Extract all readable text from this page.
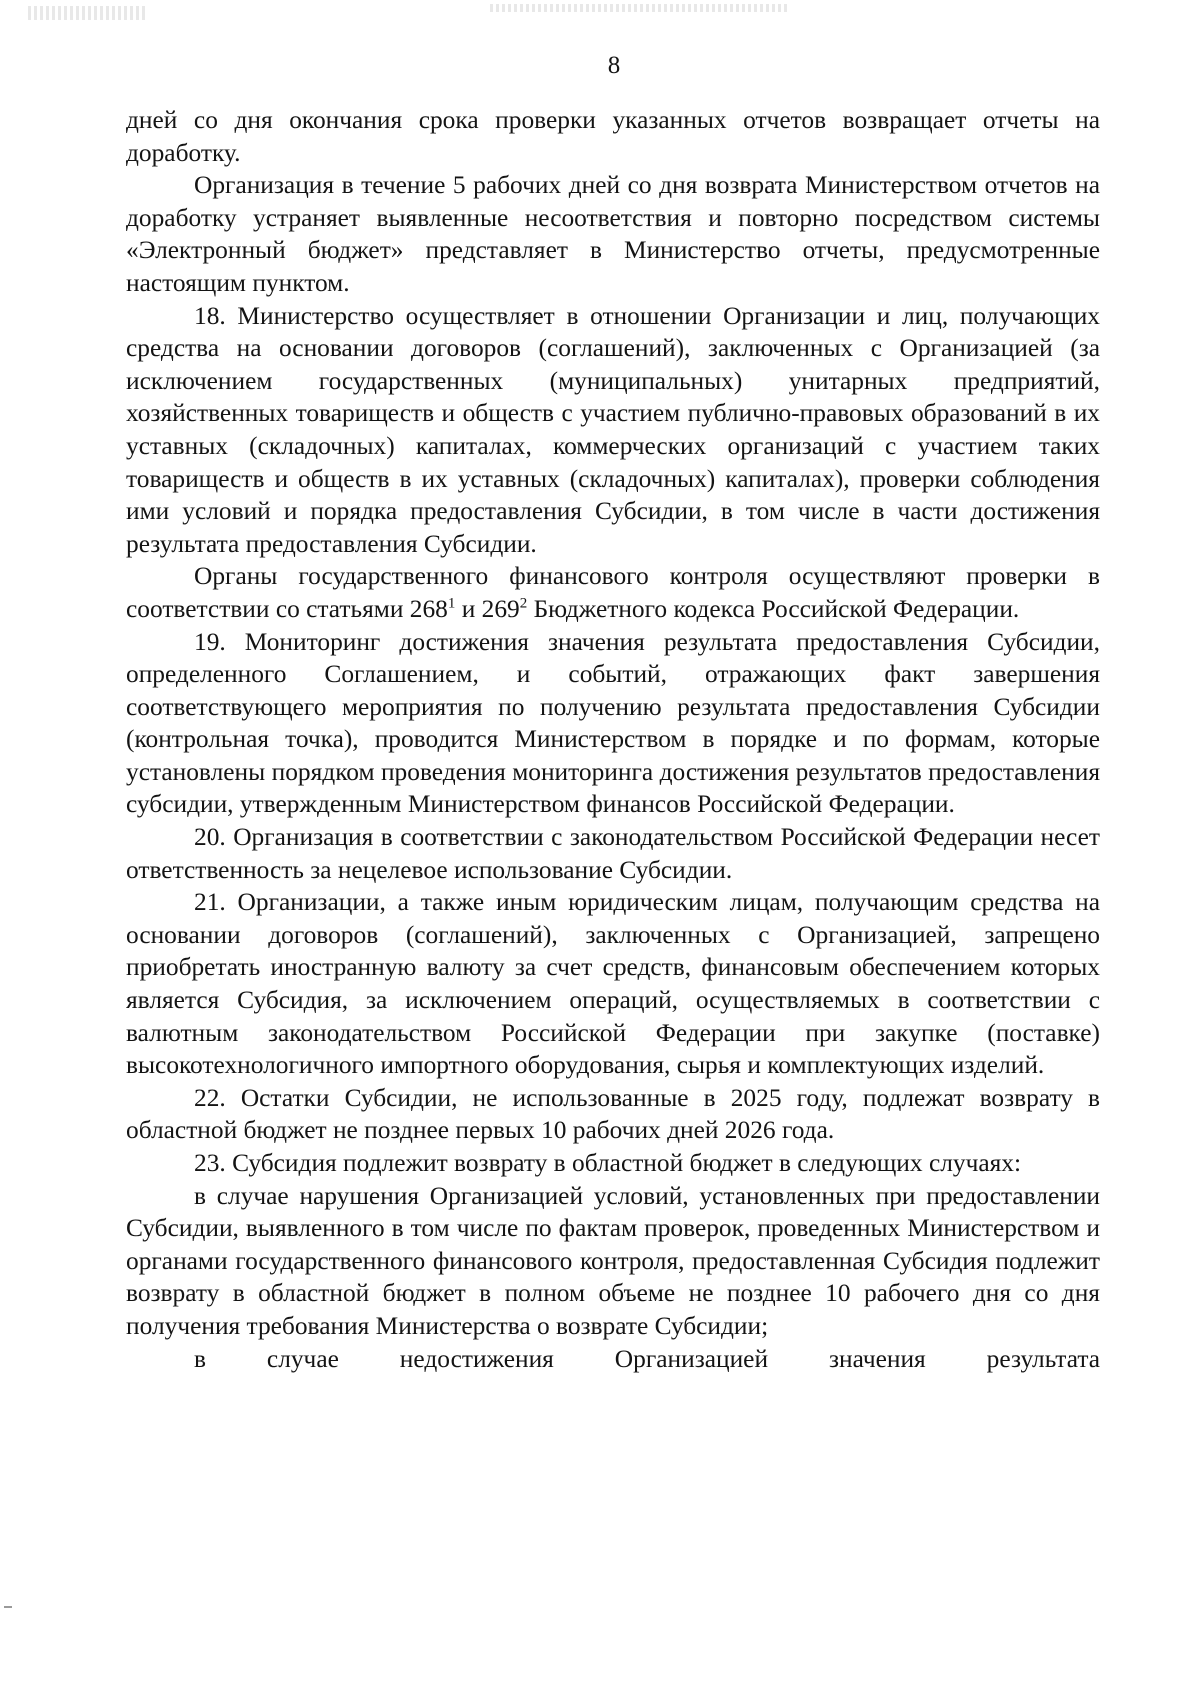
8

дней со дня окончания срока проверки указанных отчетов возвращает отчеты на доработку.

Организация в течение 5 рабочих дней со дня возврата Министерством отчетов на доработку устраняет выявленные несоответствия и повторно посредством системы «Электронный бюджет» представляет в Министерство отчеты, предусмотренные настоящим пунктом.

18. Министерство осуществляет в отношении Организации и лиц, получающих средства на основании договоров (соглашений), заключенных с Организацией (за исключением государственных (муниципальных) унитарных предприятий, хозяйственных товариществ и обществ с участием публично-правовых образований в их уставных (складочных) капиталах, коммерческих организаций с участием таких товариществ и обществ в их уставных (складочных) капиталах), проверки соблюдения ими условий и порядка предоставления Субсидии, в том числе в части достижения результата предоставления Субсидии.

Органы государственного финансового контроля осуществляют проверки в соответствии со статьями $268^1$ и $269^2$ Бюджетного кодекса Российской Федерации.

19. Мониторинг достижения значения результата предоставления Субсидии, определенного Соглашением, и событий, отражающих факт завершения соответствующего мероприятия по получению результата предоставления Субсидии (контрольная точка), проводится Министерством в порядке и по формам, которые установлены порядком проведения мониторинга достижения результатов предоставления субсидии, утвержденным Министерством финансов Российской Федерации.

20. Организация в соответствии с законодательством Российской Федерации несет ответственность за нецелевое использование Субсидии.

21. Организации, а также иным юридическим лицам, получающим средства на основании договоров (соглашений), заключенных с Организацией, запрещено приобретать иностранную валюту за счет средств, финансовым обеспечением которых является Субсидия, за исключением операций, осуществляемых в соответствии с валютным законодательством Российской Федерации при закупке (поставке) высокотехнологичного импортного оборудования, сырья и комплектующих изделий.

22. Остатки Субсидии, не использованные в 2025 году, подлежат возврату в областной бюджет не позднее первых 10 рабочих дней 2026 года.

23. Субсидия подлежит возврату в областной бюджет в следующих случаях:

в случае нарушения Организацией условий, установленных при предоставлении Субсидии, выявленного в том числе по фактам проверок, проведенных Министерством и органами государственного финансового контроля, предоставленная Субсидия подлежит возврату в областной бюджет в полном объеме не позднее 10 рабочего дня со дня получения требования Министерства о возврате Субсидии;

в случае недостижения Организацией значения результата
